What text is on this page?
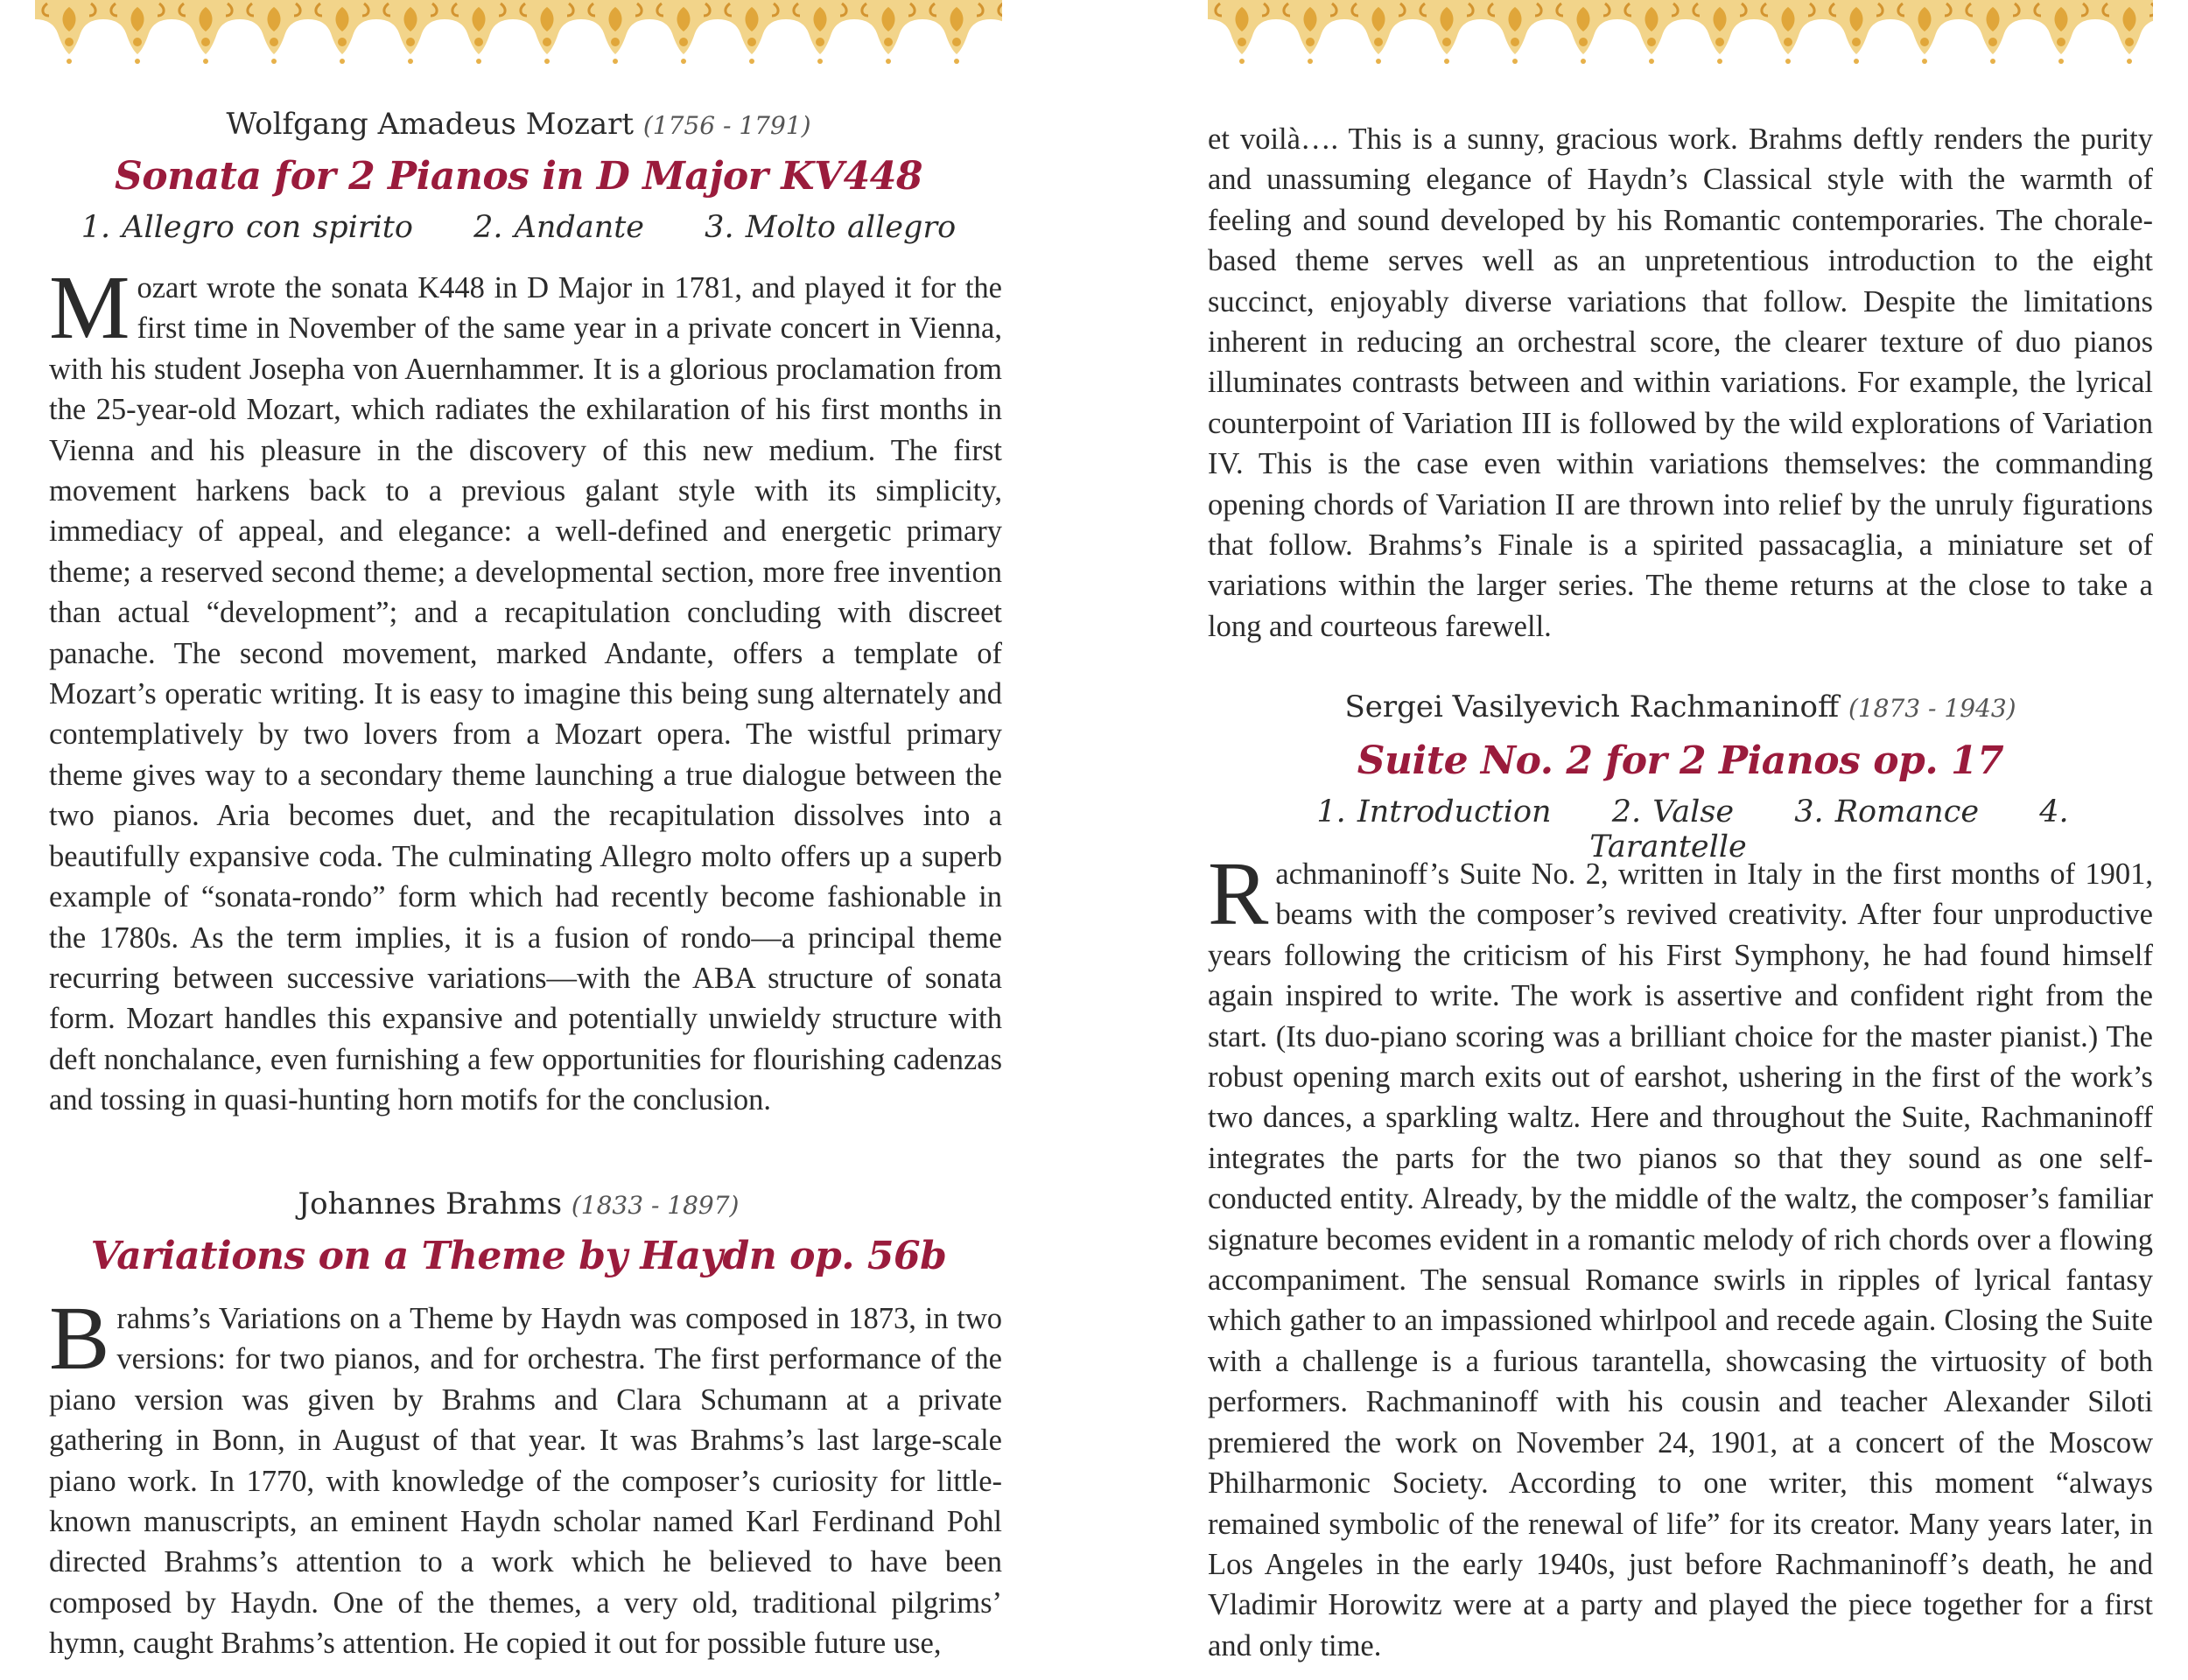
Wolfgang Amadeus Mozart (1756 - 1791)

Sonata for 2 Pianos in D Major KV448

1. Allegro con spirito 2. Andante 3. Molto allegro

Mozart wrote the sonata K448 in D Major in 1781, and played it for the first time in November of the same year in a private concert in Vienna, with his student Josepha von Auernhammer. It is a glorious proclamation from the 25-year-old Mozart, which radiates the exhilaration of his first months in Vienna and his pleasure in the discovery of this new medium. The first movement harkens back to a previous galant style with its simplicity, immediacy of appeal, and elegance: a well-defined and energetic primary theme; a reserved second theme; a developmental section, more free invention than actual “development”; and a recapitulation concluding with discreet panache. The second movement, marked Andante, offers a template of Mozart’s operatic writing. It is easy to imagine this being sung alternately and contemplatively by two lovers from a Mozart opera. The wistful primary theme gives way to a secondary theme launching a true dialogue between the two pianos. Aria becomes duet, and the recapitulation dissolves into a beautifully expansive coda. The culminating Allegro molto offers up a superb example of “sonata-rondo” form which had recently become fashionable in the 1780s. As the term implies, it is a fusion of rondo—a principal theme recurring between successive variations—with the ABA structure of sonata form. Mozart handles this expansive and potentially unwieldy structure with deft nonchalance, even furnishing a few opportunities for flourishing cadenzas and tossing in quasi-hunting horn motifs for the conclusion.

Johannes Brahms (1833 - 1897)

Variations on a Theme by Haydn op. 56b

Brahms’s Variations on a Theme by Haydn was composed in 1873, in two versions: for two pianos, and for orchestra. The first performance of the piano version was given by Brahms and Clara Schumann at a private gathering in Bonn, in August of that year. It was Brahms’s last large-scale piano work. In 1770, with knowledge of the composer’s curiosity for little-known manuscripts, an eminent Haydn scholar named Karl Ferdinand Pohl directed Brahms’s attention to a work which he believed to have been composed by Haydn. One of the themes, a very old, traditional pilgrims’ hymn, caught Brahms’s attention. He copied it out for possible future use,

et voilà…. This is a sunny, gracious work. Brahms deftly renders the purity and unassuming elegance of Haydn’s Classical style with the warmth of feeling and sound developed by his Romantic contemporaries. The chorale-based theme serves well as an unpretentious introduction to the eight succinct, enjoyably diverse variations that follow. Despite the limitations inherent in reducing an orchestral score, the clearer texture of duo pianos illuminates contrasts between and within variations. For example, the lyrical counterpoint of Variation III is followed by the wild explorations of Variation IV. This is the case even within variations themselves: the commanding opening chords of Variation II are thrown into relief by the unruly figurations that follow. Brahms’s Finale is a spirited passacaglia, a miniature set of variations within the larger series. The theme returns at the close to take a long and courteous farewell.

Sergei Vasilyevich Rachmaninoff (1873 - 1943)

Suite No. 2 for 2 Pianos op. 17

1. Introduction 2. Valse 3. Romance 4. Tarantelle

Rachmaninoff’s Suite No. 2, written in Italy in the first months of 1901, beams with the composer’s revived creativity. After four unproductive years following the criticism of his First Symphony, he had found himself again inspired to write. The work is assertive and confident right from the start. (Its duo-piano scoring was a brilliant choice for the master pianist.) The robust opening march exits out of earshot, ushering in the first of the work’s two dances, a sparkling waltz. Here and throughout the Suite, Rachmaninoff integrates the parts for the two pianos so that they sound as one self-conducted entity. Already, by the middle of the waltz, the composer’s familiar signature becomes evident in a romantic melody of rich chords over a flowing accompaniment. The sensual Romance swirls in ripples of lyrical fantasy which gather to an impassioned whirlpool and recede again. Closing the Suite with a challenge is a furious tarantella, showcasing the virtuosity of both performers. Rachmaninoff with his cousin and teacher Alexander Siloti premiered the work on November 24, 1901, at a concert of the Moscow Philharmonic Society. According to one writer, this moment “always remained symbolic of the renewal of life” for its creator. Many years later, in Los Angeles in the early 1940s, just before Rachmaninoff’s death, he and Vladimir Horowitz were at a party and played the piece together for a first and only time.
